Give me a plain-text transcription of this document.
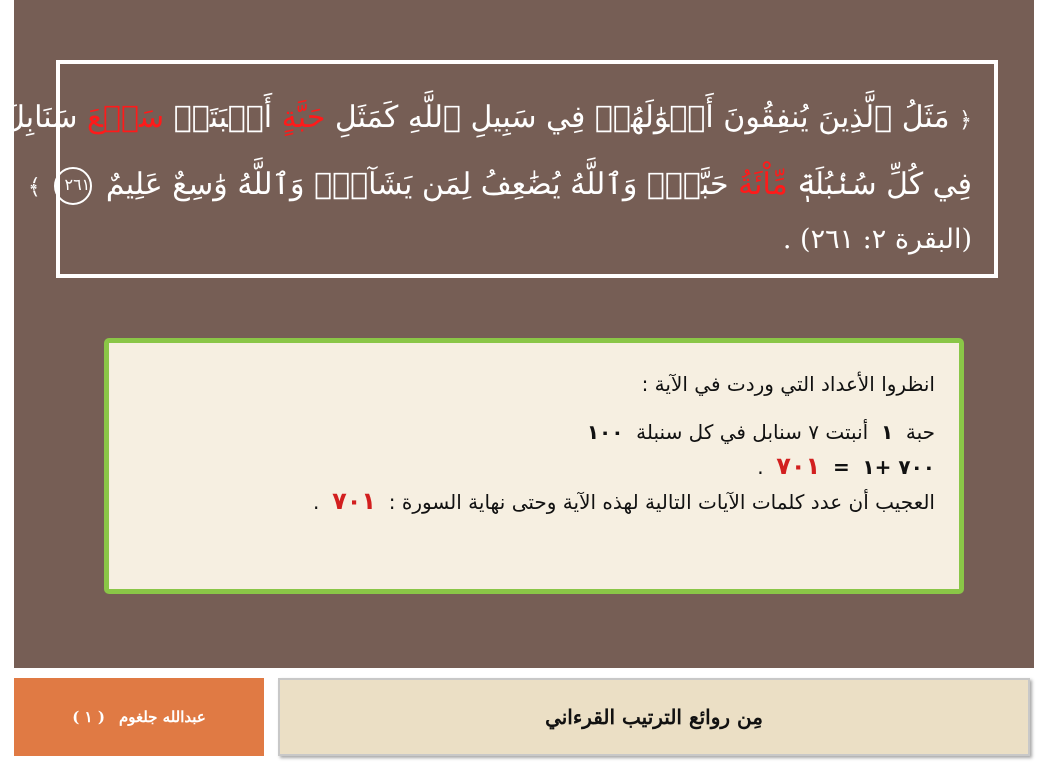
﴿ مَثَلُ ٱلَّذِينَ يُنفِقُونَ أَمۡوَٰلَهُمۡ فِي سَبِيلِ ٱللَّهِ كَمَثَلِ حَبَّةٍ أَنۢبَتَتۡ سَبۡعَ سَنَابِلَ
فِي كُلِّ سُنۢبُلَةٖ مِّاْئَةُ حَبَّةٖۗ وَٱللَّهُ يُضَٰعِفُ لِمَن يَشَآءُۚ وَٱللَّهُ وَٰسِعٌ عَلِيمٌ ٢٦١ ﴾
(البقرة ٢: ٢٦١) .
انظروا الأعداد التي وردت في الآية :
حبة  ١  أنبتت ٧ سنابل في كل سنبلة  ١٠٠
٧٠٠ +١  =  ٧٠١  .
العجيب أن عدد كلمات الآيات التالية لهذه الآية وحتى نهاية السورة :  ٧٠١  .
عبدالله جلغوم
( ١ )	مِن روائع الترتيب القرءاني
